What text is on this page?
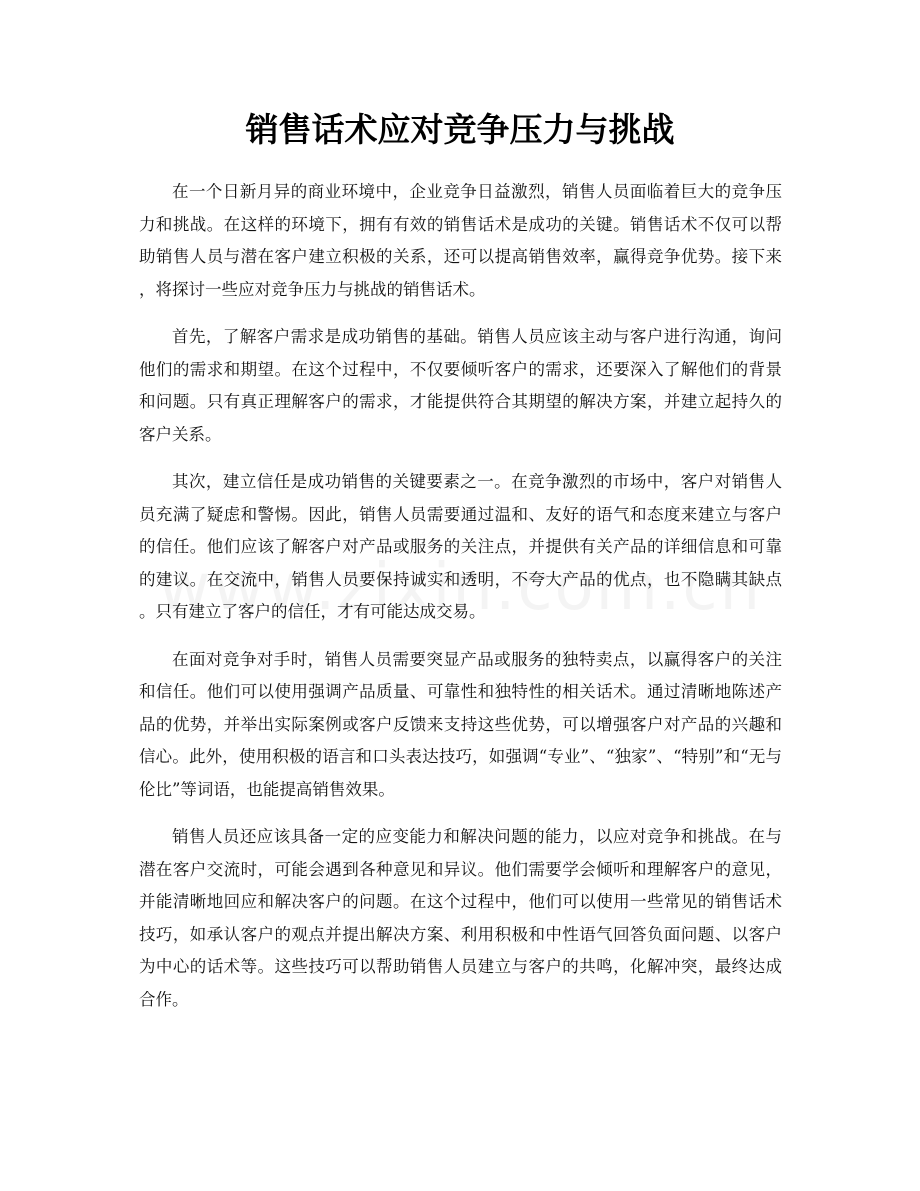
销售话术应对竞争压力与挑战

在一个日新月异的商业环境中，企业竞争日益激烈，销售人员面临着巨大的竞争压力和挑战。在这样的环境下，拥有有效的销售话术是成功的关键。销售话术不仅可以帮助销售人员与潜在客户建立积极的关系，还可以提高销售效率，赢得竞争优势。接下来，将探讨一些应对竞争压力与挑战的销售话术。

首先，了解客户需求是成功销售的基础。销售人员应该主动与客户进行沟通，询问他们的需求和期望。在这个过程中，不仅要倾听客户的需求，还要深入了解他们的背景和问题。只有真正理解客户的需求，才能提供符合其期望的解决方案，并建立起持久的客户关系。

其次，建立信任是成功销售的关键要素之一。在竞争激烈的市场中，客户对销售人员充满了疑虑和警惕。因此，销售人员需要通过温和、友好的语气和态度来建立与客户的信任。他们应该了解客户对产品或服务的关注点，并提供有关产品的详细信息和可靠的建议。在交流中，销售人员要保持诚实和透明，不夸大产品的优点，也不隐瞒其缺点。只有建立了客户的信任，才有可能达成交易。

在面对竞争对手时，销售人员需要突显产品或服务的独特卖点，以赢得客户的关注和信任。他们可以使用强调产品质量、可靠性和独特性的相关话术。通过清晰地陈述产品的优势，并举出实际案例或客户反馈来支持这些优势，可以增强客户对产品的兴趣和信心。此外，使用积极的语言和口头表达技巧，如强调“专业”、“独家”、“特别”和“无与伦比”等词语，也能提高销售效果。

销售人员还应该具备一定的应变能力和解决问题的能力，以应对竞争和挑战。在与潜在客户交流时，可能会遇到各种意见和异议。他们需要学会倾听和理解客户的意见，并能清晰地回应和解决客户的问题。在这个过程中，他们可以使用一些常见的销售话术技巧，如承认客户的观点并提出解决方案、利用积极和中性语气回答负面问题、以客户为中心的话术等。这些技巧可以帮助销售人员建立与客户的共鸣，化解冲突，最终达成合作。
